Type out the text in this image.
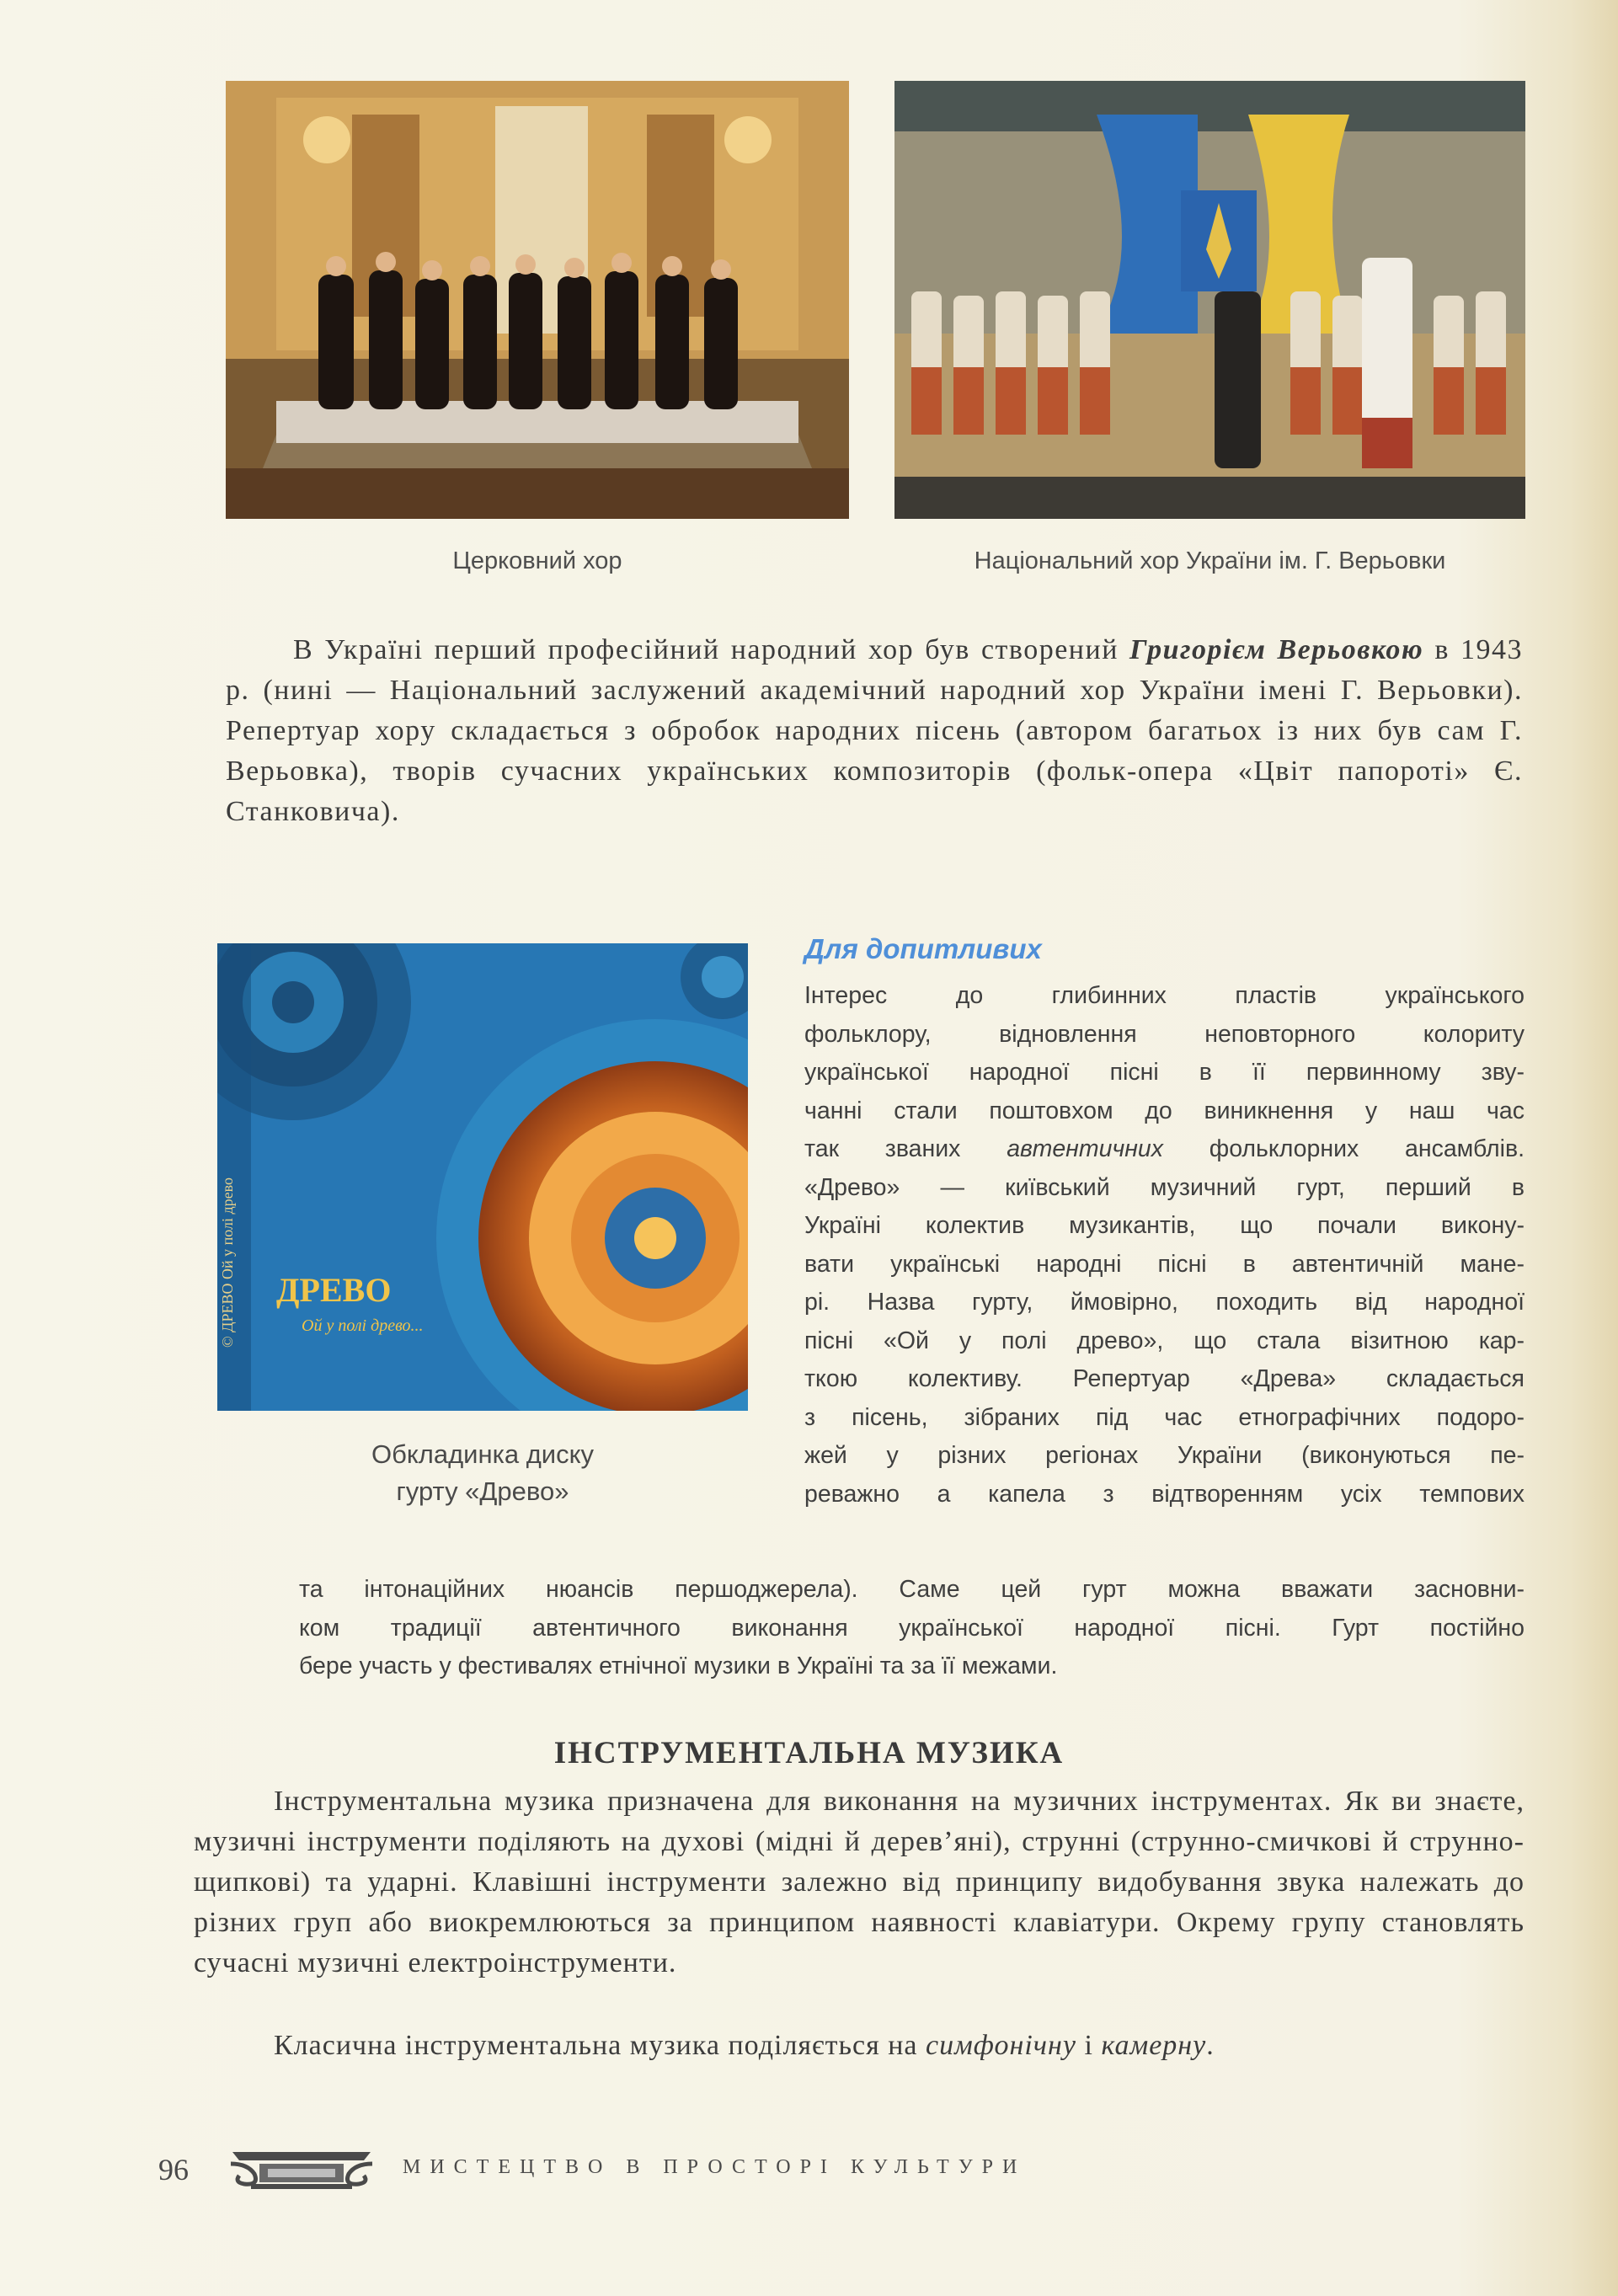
Церковний хор	Національний хор України ім. Г. Верьовки
В Україні перший професійний народний хор був створений Григорієм Верьовкою в 1943 р. (нині — Національний заслужений академічний народний хор України імені Г. Верьовки). Репертуар хору складається з обробок народних пісень (автором багатьох із них був сам Г. Верьовка), творів сучасних українських композиторів (фольк-опера «Цвіт папороті» Є. Станковича).
© ДРЕВО Ой у полі древо ДРЕВО
Ой у полі древо...
Обкладинка диску
гурту «Древо»
Для допитливих
Інтерес до глибинних пластів українського
фольклору, відновлення неповторного колориту
української народної пісні в її первинному зву-
чанні стали поштовхом до виникнення у наш час
так званих автентичних фольклорних ансамблів.
«Древо» — київський музичний гурт, перший в
Україні колектив музикантів, що почали викону-
вати українські народні пісні в автентичній мане-
рі. Назва гурту, ймовірно, походить від народної
пісні «Ой у полі древо», що стала візитною кар-
ткою колективу. Репертуар «Древа» складається
з пісень, зібраних під час етнографічних подоро-
жей у різних регіонах України (виконуються пе-
реважно а капела з відтворенням усіх темпових
та інтонаційних нюансів першоджерела). Саме цей гурт можна вважати засновни-
ком традиції автентичного виконання української народної пісні. Гурт постійно
бере участь у фестивалях етнічної музики в Україні та за її межами.
ІНСТРУМЕНТАЛЬНА МУЗИКА
Інструментальна музика призначена для виконання на музичних інструментах. Як ви знаєте, музичні інструменти поділяють на духові (мідні й дерев’яні), струнні (струнно-смичкові й струнно-щипкові) та ударні. Клавішні інструменти залежно від принципу видобування звука належать до різних груп або виокремлюються за принципом наявності клавіатури. Окрему групу становлять сучасні музичні електроінструменти.
Класична інструментальна музика поділяється на симфонічну і камерну.
96	МИСТЕЦТВО В ПРОСТОРІ КУЛЬТУРИ
